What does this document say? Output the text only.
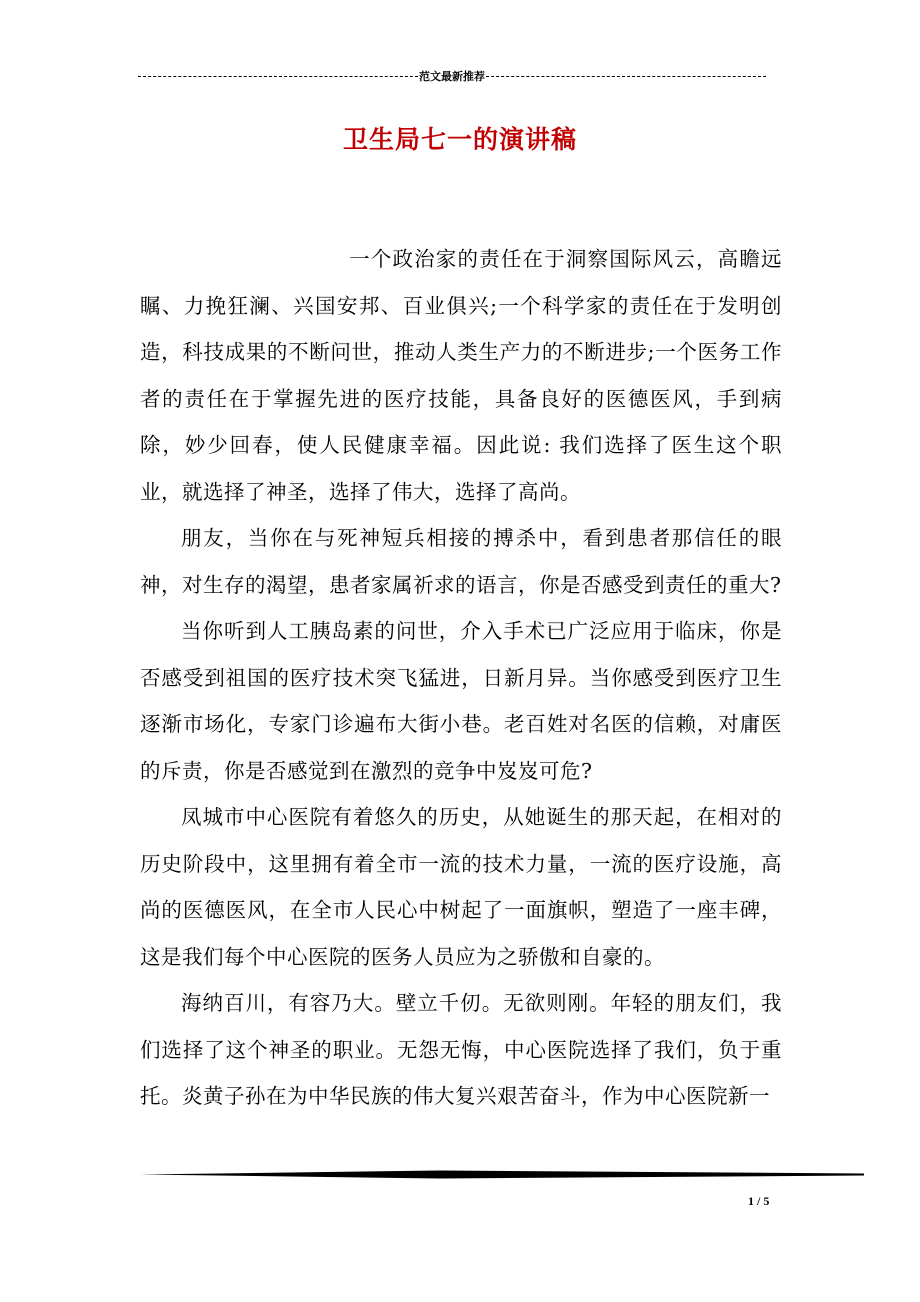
范文最新推荐
卫生局七一的演讲稿

一个政治家的责任在于洞察国际风云，高瞻远瞩、力挽狂澜、兴国安邦、百业俱兴;一个科学家的责任在于发明创造，科技成果的不断问世，推动人类生产力的不断进步;一个医务工作者的责任在于掌握先进的医疗技能，具备良好的医德医风，手到病除，妙少回春，使人民健康幸福。因此说: 我们选择了医生这个职业，就选择了神圣，选择了伟大，选择了高尚。

朋友，当你在与死神短兵相接的搏杀中，看到患者那信任的眼神，对生存的渴望，患者家属祈求的语言，你是否感受到责任的重大?

当你听到人工胰岛素的问世，介入手术已广泛应用于临床，你是否感受到祖国的医疗技术突飞猛进，日新月异。当你感受到医疗卫生逐渐市场化，专家门诊遍布大街小巷。老百姓对名医的信赖，对庸医的斥责，你是否感觉到在激烈的竞争中岌岌可危?

凤城市中心医院有着悠久的历史，从她诞生的那天起，在相对的历史阶段中，这里拥有着全市一流的技术力量，一流的医疗设施，高尚的医德医风，在全市人民心中树起了一面旗帜，塑造了一座丰碑，这是我们每个中心医院的医务人员应为之骄傲和自豪的。

海纳百川，有容乃大。壁立千仞。无欲则刚。年轻的朋友们，我们选择了这个神圣的职业。无怨无悔，中心医院选择了我们，负于重托。炎黄子孙在为中华民族的伟大复兴艰苦奋斗，作为中心医院新一

1 / 5
